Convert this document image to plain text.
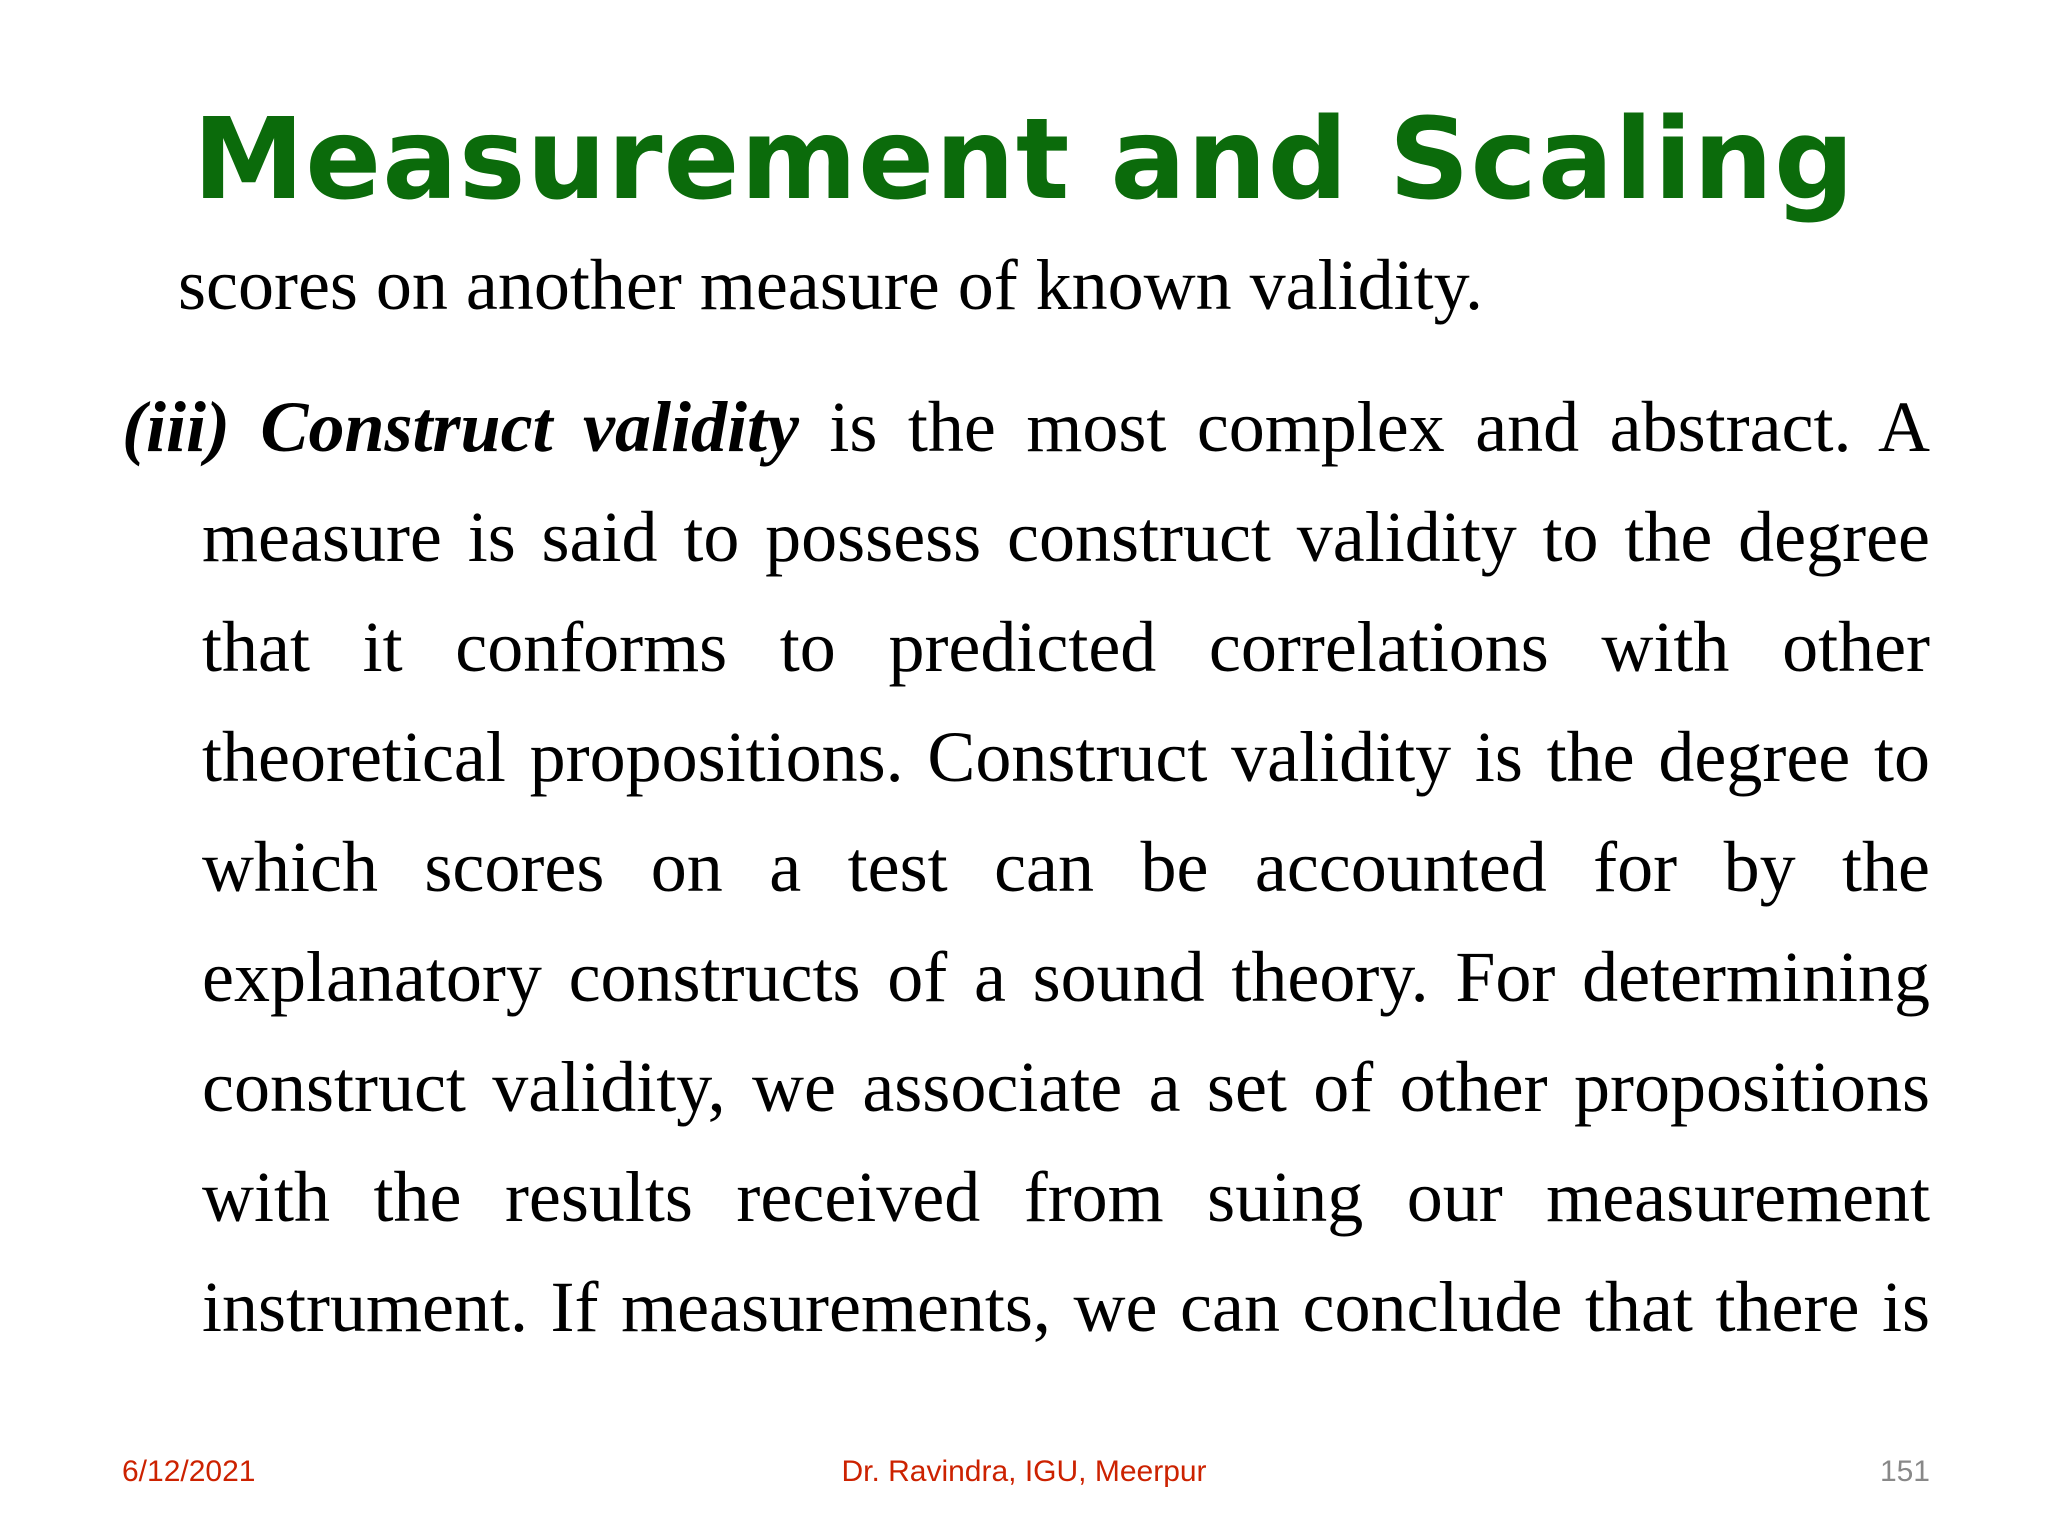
Measurement and Scaling
scores on another measure of known validity.
(iii) Construct validity is the most complex and abstract. A
measure is said to possess construct validity to the degree
that it conforms to predicted correlations with other
theoretical propositions. Construct validity is the degree to
which scores on a test can be accounted for by the
explanatory constructs of a sound theory. For determining
construct validity, we associate a set of other propositions
with the results received from suing our measurement
instrument. If measurements, we can conclude that there is
6/12/2021	Dr. Ravindra, IGU, Meerpur	151
